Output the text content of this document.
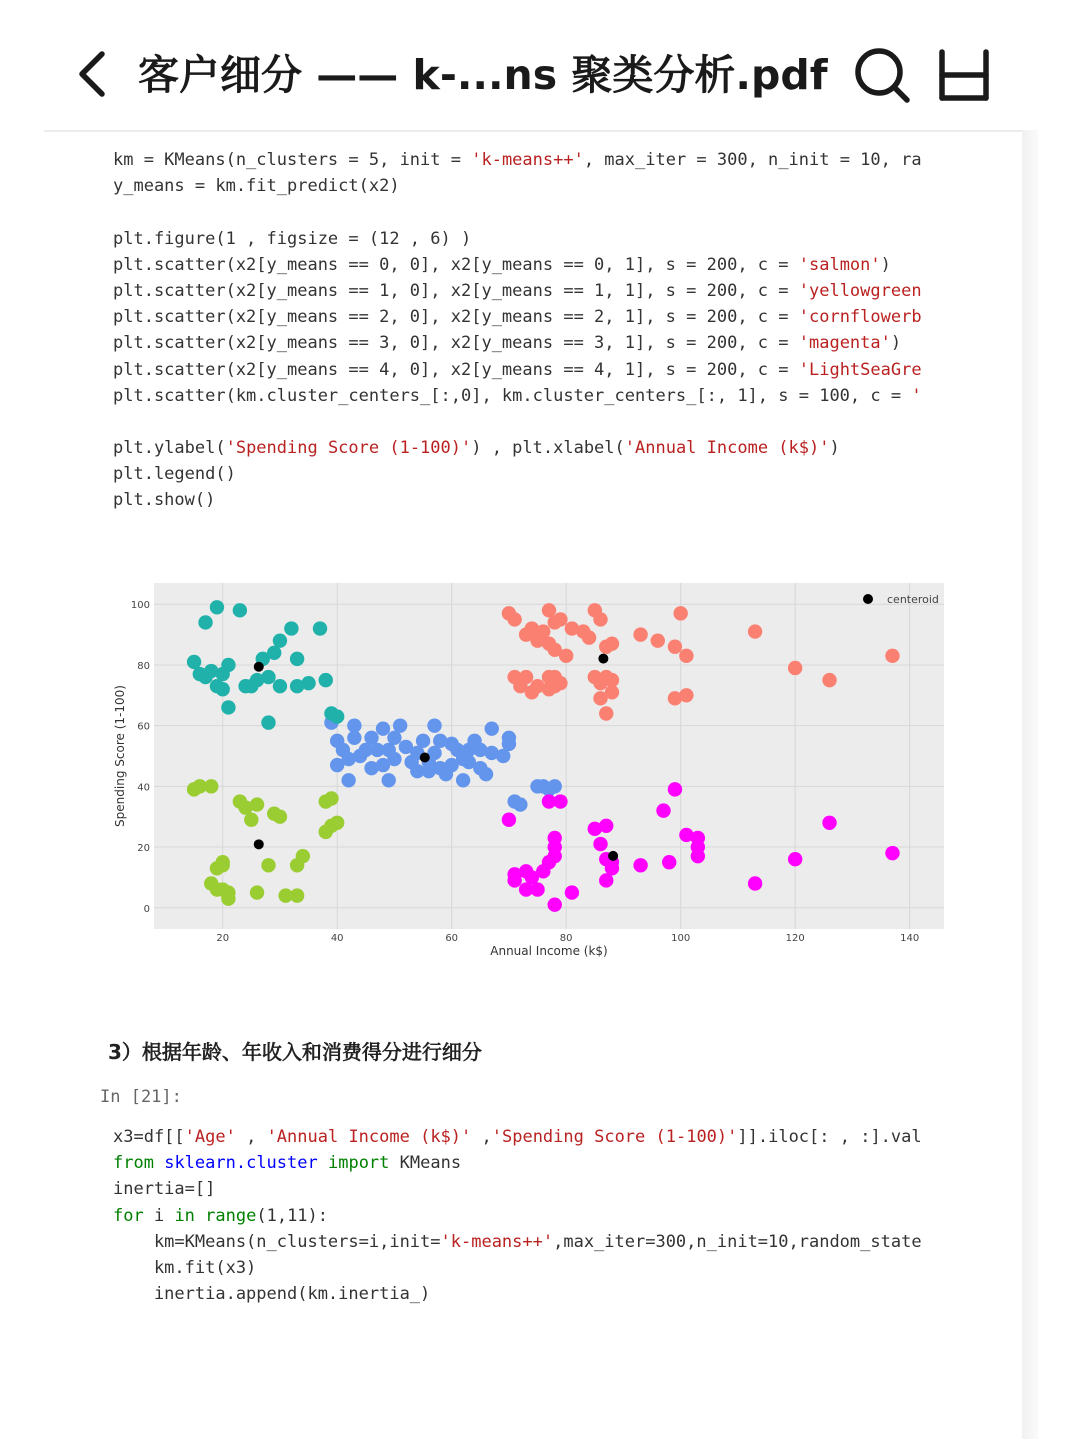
客户细分 —— k-...ns 聚类分析.pdf
km = KMeans(n_clusters = 5, init = 'k-means++', max_iter = 300, n_init = 10, ra
y_means = km.fit_predict(x2)

plt.figure(1 , figsize = (12 , 6) )
plt.scatter(x2[y_means == 0, 0], x2[y_means == 0, 1], s = 200, c = 'salmon')
plt.scatter(x2[y_means == 1, 0], x2[y_means == 1, 1], s = 200, c = 'yellowgreen
plt.scatter(x2[y_means == 2, 0], x2[y_means == 2, 1], s = 200, c = 'cornflowerb
plt.scatter(x2[y_means == 3, 0], x2[y_means == 3, 1], s = 200, c = 'magenta')
plt.scatter(x2[y_means == 4, 0], x2[y_means == 4, 1], s = 200, c = 'LightSeaGre
plt.scatter(km.cluster_centers_[:,0], km.cluster_centers_[:, 1], s = 100, c = '

plt.ylabel('Spending Score (1-100)') , plt.xlabel('Annual Income (k$)')
plt.legend()
plt.show()
20	40	60	80	100	120	140
0
20
40
60
80
100
Annual Income (k$)
Spending Score (1-100)
centeroid
3）根据年龄、年收入和消费得分进行细分
In [21]:
x3=df[['Age' , 'Annual Income (k$)' ,'Spending Score (1-100)']].iloc[: , :].val
from sklearn.cluster import KMeans
inertia=[]
for i in range(1,11):
km=KMeans(n_clusters=i,init='k-means++',max_iter=300,n_init=10,random_state
km.fit(x3)
inertia.append(km.inertia_)
